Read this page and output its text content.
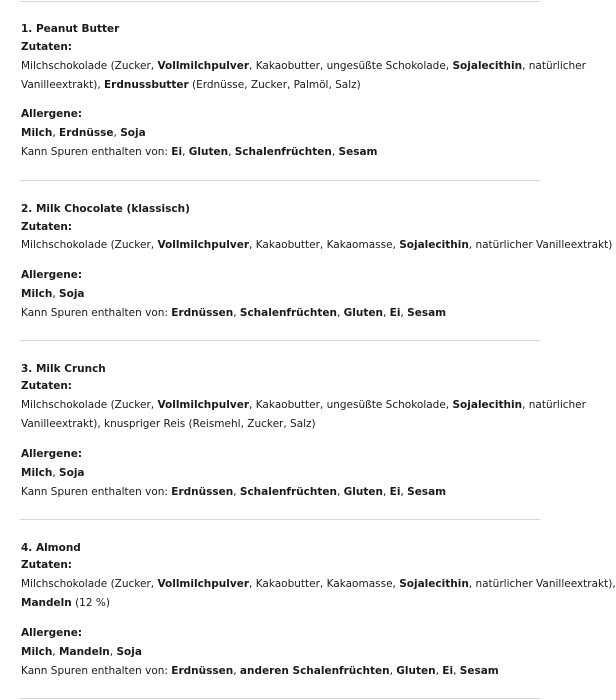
1. Peanut Butter
Zutaten:
Milchschokolade (Zucker, Vollmilchpulver, Kakaobutter, ungesüßte Schokolade, Sojalecithin, natürlicher
Vanilleextrakt), Erdnussbutter (Erdnüsse, Zucker, Palmöl, Salz)
Allergene:
Milch, Erdnüsse, Soja
Kann Spuren enthalten von: Ei, Gluten, Schalenfrüchten, Sesam
2. Milk Chocolate (klassisch)
Zutaten:
Milchschokolade (Zucker, Vollmilchpulver, Kakaobutter, Kakaomasse, Sojalecithin, natürlicher Vanilleextrakt)
Allergene:
Milch, Soja
Kann Spuren enthalten von: Erdnüssen, Schalenfrüchten, Gluten, Ei, Sesam
3. Milk Crunch
Zutaten:
Milchschokolade (Zucker, Vollmilchpulver, Kakaobutter, ungesüßte Schokolade, Sojalecithin, natürlicher
Vanilleextrakt), knuspriger Reis (Reismehl, Zucker, Salz)
Allergene:
Milch, Soja
Kann Spuren enthalten von: Erdnüssen, Schalenfrüchten, Gluten, Ei, Sesam
4. Almond
Zutaten:
Milchschokolade (Zucker, Vollmilchpulver, Kakaobutter, Kakaomasse, Sojalecithin, natürlicher Vanilleextrakt),
Mandeln (12 %)
Allergene:
Milch, Mandeln, Soja
Kann Spuren enthalten von: Erdnüssen, anderen Schalenfrüchten, Gluten, Ei, Sesam
